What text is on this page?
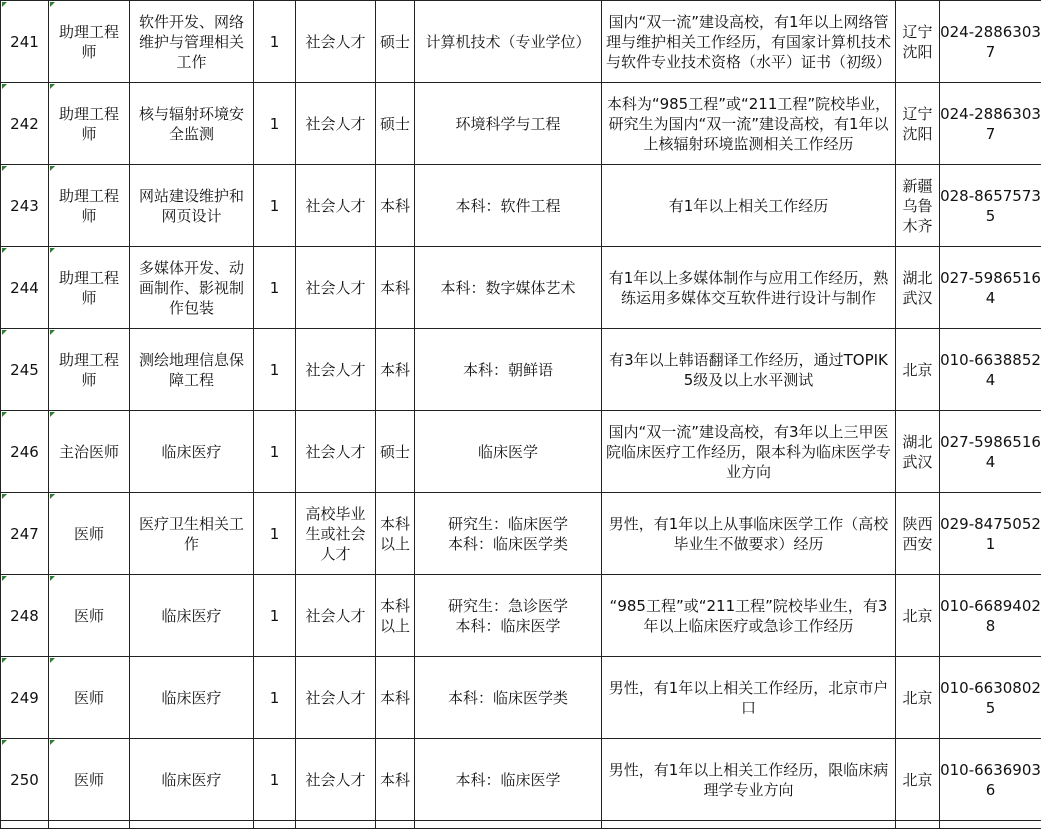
241	助理工程师	软件开发、网络维护与管理相关工作	1	社会人才	硕士	计算机技术（专业学位）	国内“双一流”建设高校，有1年以上网络管理与维护相关工作经历，有国家计算机技术与软件专业技术资格（水平）证书（初级）	辽宁沈阳	024-28863037

242	助理工程师	核与辐射环境安全监测	1	社会人才	硕士	环境科学与工程	本科为“985工程”或“211工程”院校毕业，研究生为国内“双一流”建设高校，有1年以上核辐射环境监测相关工作经历	辽宁沈阳	024-28863037

243	助理工程师	网站建设维护和网页设计	1	社会人才	本科	本科：软件工程	有1年以上相关工作经历	新疆乌鲁木齐	028-86575735

244	助理工程师	多媒体开发、动画制作、影视制作包装	1	社会人才	本科	本科：数字媒体艺术	有1年以上多媒体制作与应用工作经历，熟练运用多媒体交互软件进行设计与制作	湖北武汉	027-59865164

245	助理工程师	测绘地理信息保障工程	1	社会人才	本科	本科：朝鲜语	有3年以上韩语翻译工作经历，通过TOPIK5级及以上水平测试	北京	010-66388524

246	主治医师	临床医疗	1	社会人才	硕士	临床医学	国内“双一流”建设高校，有3年以上三甲医院临床医疗工作经历，限本科为临床医学专业方向	湖北武汉	027-59865164

247	医师	医疗卫生相关工作	1	高校毕业生或社会人才	本科以上	研究生：临床医学
本科：临床医学类	男性，有1年以上从事临床医学工作（高校毕业生不做要求）经历	陕西西安	029-84750521

248	医师	临床医疗	1	社会人才	本科以上	研究生：急诊医学
本科：临床医学	“985工程”或“211工程”院校毕业生，有3年以上临床医疗或急诊工作经历	北京	010-66894028

249	医师	临床医疗	1	社会人才	本科	本科：临床医学类	男性，有1年以上相关工作经历，北京市户口	北京	010-66308025

250	医师	临床医疗	1	社会人才	本科	本科：临床医学	男性，有1年以上相关工作经历，限临床病理学专业方向	北京	010-66369036
